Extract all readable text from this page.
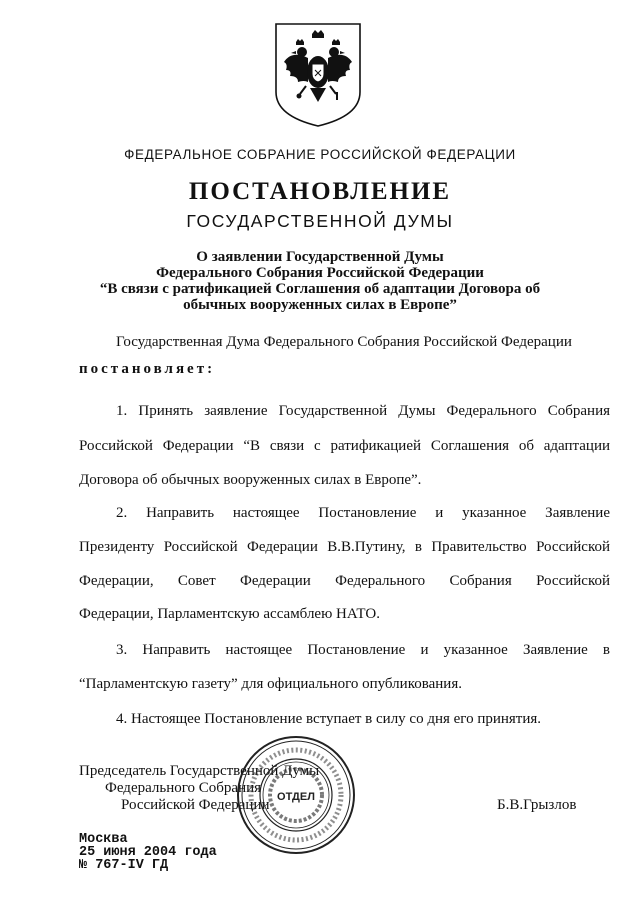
ФЕДЕРАЛЬНОЕ СОБРАНИЕ РОССИЙСКОЙ ФЕДЕРАЦИИ
ПОСТАНОВЛЕНИЕ
ГОСУДАРСТВЕННОЙ ДУМЫ
О заявлении Государственной Думы
Федерального Собрания Российской Федерации
“В связи с ратификацией Соглашения об адаптации Договора об
обычных вооруженных силах в Европе”
Государственная Дума Федерального Собрания Российской Федерации
постановляет:
1. Принять заявление Государственной Думы Федерального Собрания
Российской Федерации “В связи с ратификацией Соглашения об адаптации
Договора об обычных вооруженных силах в Европе”.
2. Направить настоящее Постановление и указанное Заявление
Президенту Российской Федерации В.В.Путину, в Правительство Российской
Федерации, Совет Федерации Федерального Собрания Российской
Федерации, Парламентскую ассамблею НАТО.
3. Направить настоящее Постановление и указанное Заявление в
“Парламентскую газету” для официального опубликования.
4. Настоящее Постановление вступает в силу со дня его принятия.
Председатель Государственной Думы
Федерального Собрания
Российской Федерации	Б.В.Грызлов
ОТДЕЛ
Москва
25 июня 2004 года
№ 767-IV ГД
